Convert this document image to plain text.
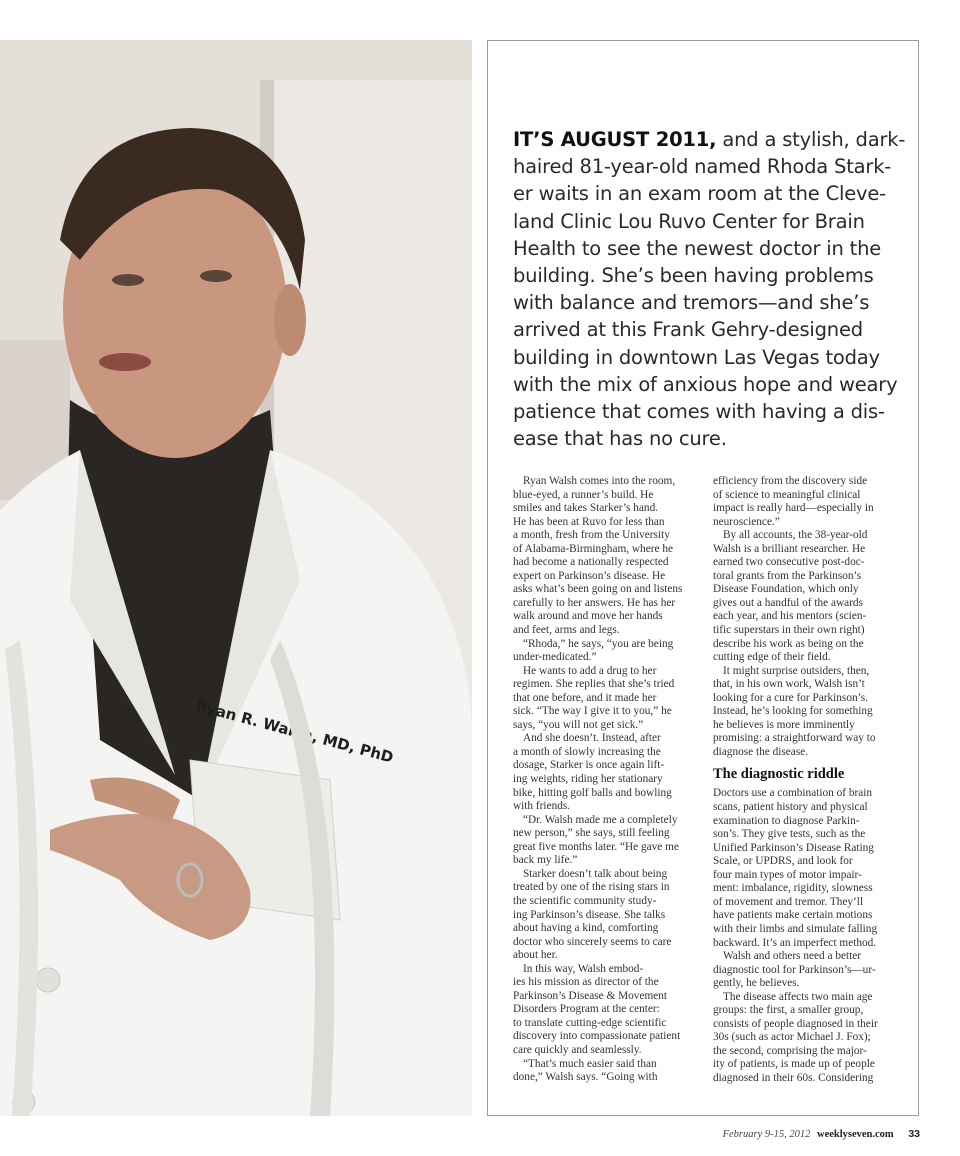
Ryan R. Walsh, MD, PhD
IT’S AUGUST 2011, and a stylish, dark-
haired 81-year-old named Rhoda Stark-
er waits in an exam room at the Cleve-
land Clinic Lou Ruvo Center for Brain
Health to see the newest doctor in the
building. She’s been having problems
with balance and tremors—and she’s
arrived at this Frank Gehry-designed
building in downtown Las Vegas today
with the mix of anxious hope and weary
patience that comes with having a dis-
ease that has no cure.
Ryan Walsh comes into the room,
blue-eyed, a runner’s build. He
smiles and takes Starker’s hand.
He has been at Ruvo for less than
a month, fresh from the University
of Alabama-Birmingham, where he
had become a nationally respected
expert on Parkinson’s disease. He
asks what’s been going on and listens
carefully to her answers. He has her
walk around and move her hands
and feet, arms and legs.
“Rhoda,” he says, “you are being
under-medicated.”
He wants to add a drug to her
regimen. She replies that she’s tried
that one before, and it made her
sick. “The way I give it to you,” he
says, “you will not get sick.”
And she doesn’t. Instead, after
a month of slowly increasing the
dosage, Starker is once again lift-
ing weights, riding her stationary
bike, hitting golf balls and bowling
with friends.
“Dr. Walsh made me a completely
new person,” she says, still feeling
great five months later. “He gave me
back my life.”
Starker doesn’t talk about being
treated by one of the rising stars in
the scientific community study-
ing Parkinson’s disease. She talks
about having a kind, comforting
doctor who sincerely seems to care
about her.
In this way, Walsh embod-
ies his mission as director of the
Parkinson’s Disease & Movement
Disorders Program at the center:
to translate cutting-edge scientific
discovery into compassionate patient
care quickly and seamlessly.
“That’s much easier said than
done,” Walsh says. “Going with
efficiency from the discovery side
of science to meaningful clinical
impact is really hard—especially in
neuroscience.”
By all accounts, the 38-year-old
Walsh is a brilliant researcher. He
earned two consecutive post-doc-
toral grants from the Parkinson’s
Disease Foundation, which only
gives out a handful of the awards
each year, and his mentors (scien-
tific superstars in their own right)
describe his work as being on the
cutting edge of their field.
It might surprise outsiders, then,
that, in his own work, Walsh isn’t
looking for a cure for Parkinson’s.
Instead, he’s looking for something
he believes is more imminently
promising: a straightforward way to
diagnose the disease.
The diagnostic riddle
Doctors use a combination of brain
scans, patient history and physical
examination to diagnose Parkin-
son’s. They give tests, such as the
Unified Parkinson’s Disease Rating
Scale, or UPDRS, and look for
four main types of motor impair-
ment: imbalance, rigidity, slowness
of movement and tremor. They’ll
have patients make certain motions
with their limbs and simulate falling
backward. It’s an imperfect method.
Walsh and others need a better
diagnostic tool for Parkinson’s—ur-
gently, he believes.
The disease affects two main age
groups: the first, a smaller group,
consists of people diagnosed in their
30s (such as actor Michael J. Fox);
the second, comprising the major-
ity of patients, is made up of people
diagnosed in their 60s. Considering
February 9-15, 2012 weeklyseven.com 33
